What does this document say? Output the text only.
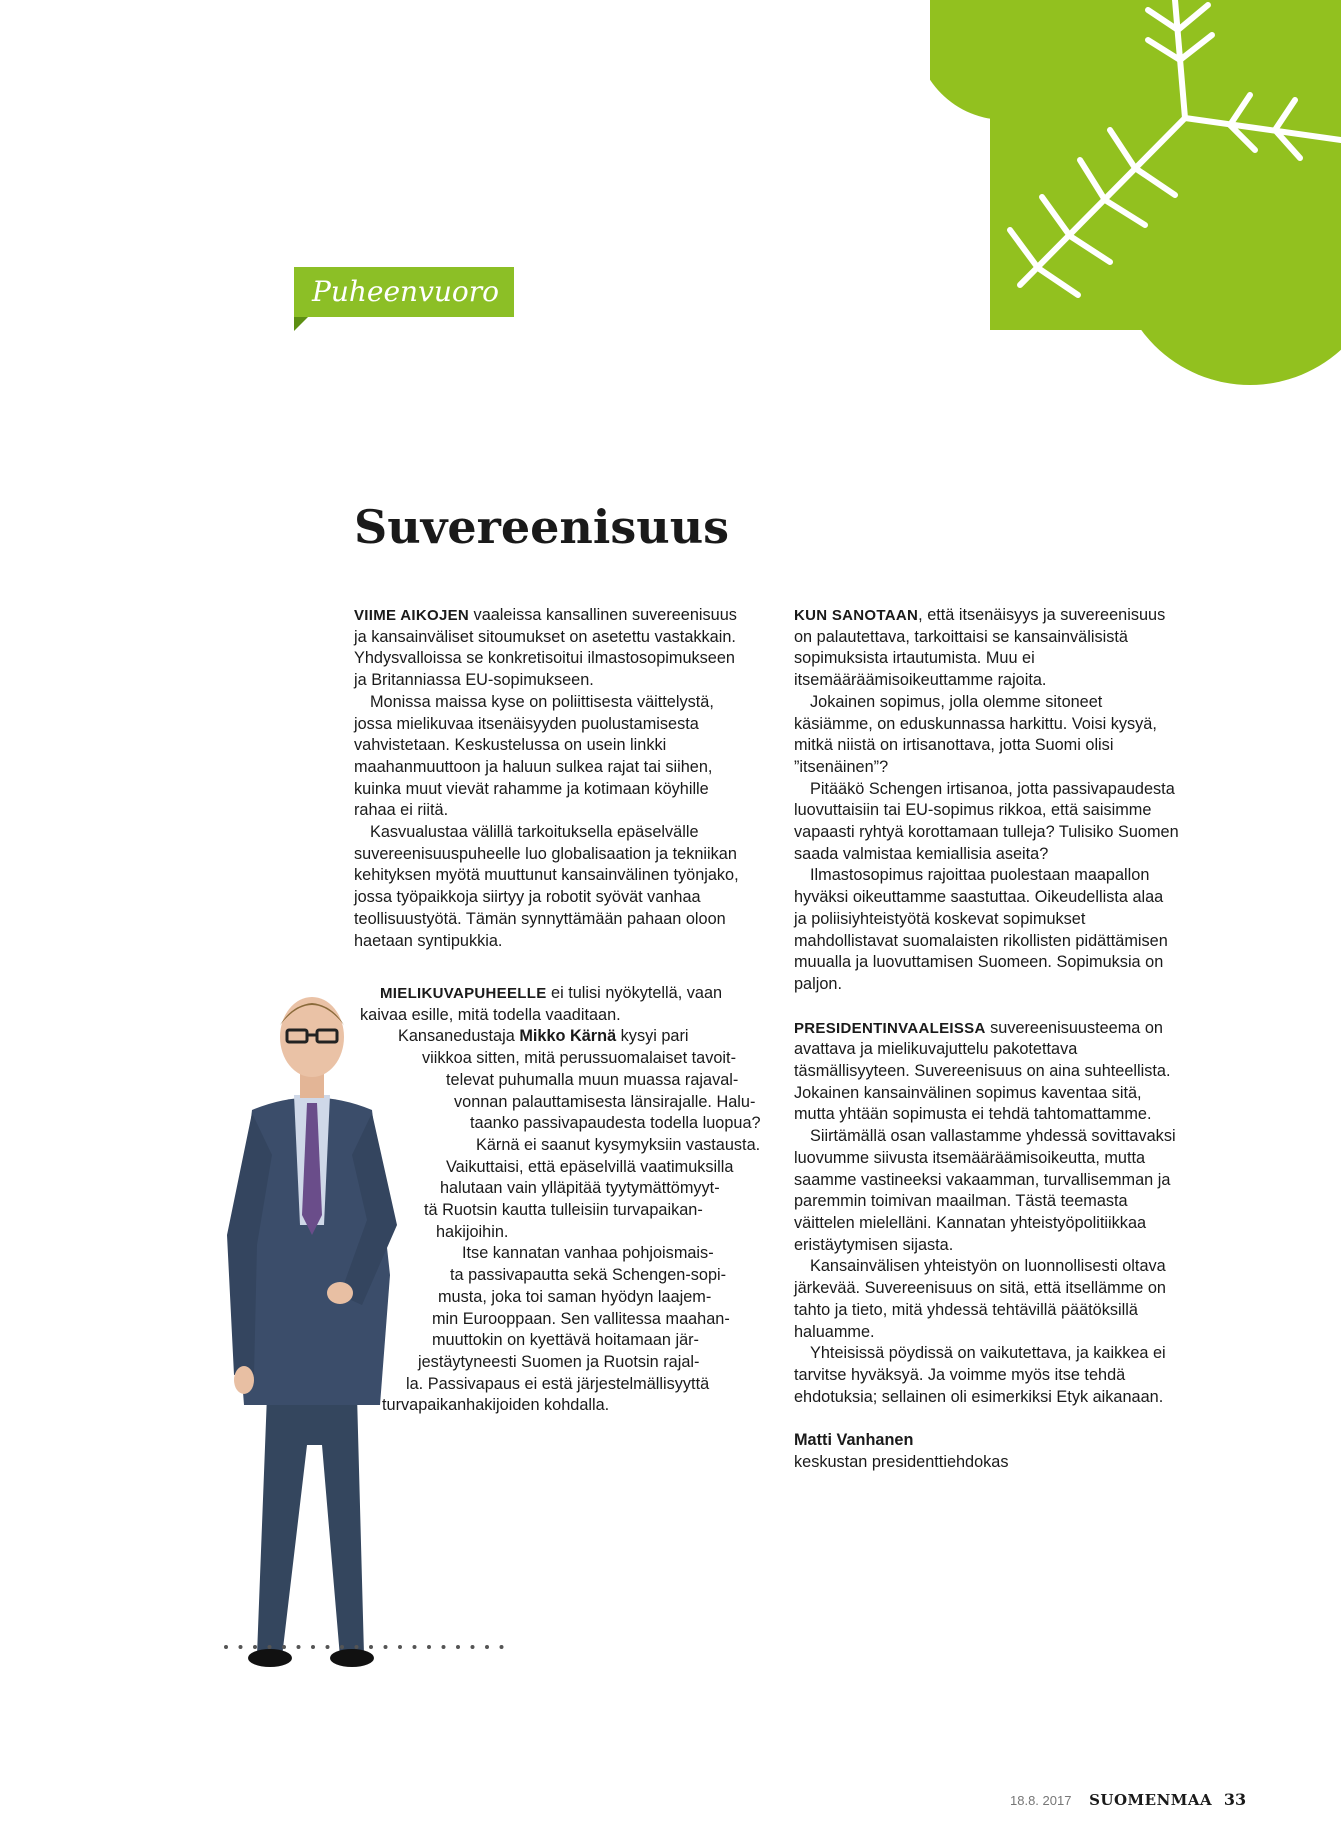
Puheenvuoro
Suvereenisuus

VIIME AIKOJEN vaaleissa kansallinen suvereenisuus ja kansainväliset sitoumukset on asetettu vastakkain. Yhdysvalloissa se konkretisoitui ilmastosopimukseen ja Britanniassa EU-sopimukseen.

Monissa maissa kyse on poliittisesta väittelystä, jossa mielikuvaa itsenäisyyden puolustamisesta vahvistetaan. Keskustelussa on usein linkki maahanmuuttoon ja haluun sulkea rajat tai siihen, kuinka muut vievät rahamme ja kotimaan köyhille rahaa ei riitä.

Kasvualustaa välillä tarkoituksella epäselvälle suvereenisuuspuheelle luo globalisaation ja tekniikan kehityksen myötä muuttunut kansainvälinen työnjako, jossa työpaikkoja siirtyy ja robotit syövät vanhaa teollisuustyötä. Tämän synnyttämään pahaan oloon haetaan syntipukkia.

MIELIKUVAPUHEELLE ei tulisi nyökytellä, vaan
kaivaa esille, mitä todella vaaditaan.
Kansanedustaja Mikko Kärnä kysyi pari
viikkoa sitten, mitä perussuomalaiset tavoit-
televat puhumalla muun muassa rajaval-
vonnan palauttamisesta länsirajalle. Halu-
taanko passivapaudesta todella luopua?
Kärnä ei saanut kysymyksiin vastausta.
Vaikuttaisi, että epäselvillä vaatimuksilla
halutaan vain ylläpitää tyytymättömyyt-
tä Ruotsin kautta tulleisiin turvapaikan-
hakijoihin.
Itse kannatan vanhaa pohjoismais-
ta passivapautta sekä Schengen-sopi-
musta, joka toi saman hyödyn laajem-
min Eurooppaan. Sen vallitessa maahan-
muuttokin on kyettävä hoitamaan jär-
jestäytyneesti Suomen ja Ruotsin rajal-
la. Passivapaus ei estä järjestelmällisyyttä
turvapaikanhakijoiden kohdalla.

KUN SANOTAAN, että itsenäisyys ja suvereenisuus on palautettava, tarkoittaisi se kansainvälisistä sopimuksista irtautumista. Muu ei itsemääräämisoikeuttamme rajoita.

Jokainen sopimus, jolla olemme sitoneet käsiämme, on eduskunnassa harkittu. Voisi kysyä, mitkä niistä on irtisanottava, jotta Suomi olisi ”itsenäinen”?

Pitääkö Schengen irtisanoa, jotta passivapaudesta luovuttaisiin tai EU-sopimus rikkoa, että saisimme vapaasti ryhtyä korottamaan tulleja? Tulisiko Suomen saada valmistaa kemiallisia aseita?

Ilmastosopimus rajoittaa puolestaan maapallon hyväksi oikeuttamme saastuttaa. Oikeudellista alaa ja poliisiyhteistyötä koskevat sopimukset mahdollistavat suomalaisten rikollisten pidättämisen muualla ja luovuttamisen Suomeen. Sopimuksia on paljon.

PRESIDENTINVAALEISSA suvereenisuusteema on avattava ja mielikuvajuttelu pakotettava täsmällisyyteen. Suvereenisuus on aina suhteellista. Jokainen kansainvälinen sopimus kaventaa sitä, mutta yhtään sopimusta ei tehdä tahtomattamme.

Siirtämällä osan vallastamme yhdessä sovittavaksi luovumme siivusta itsemääräämisoikeutta, mutta saamme vastineeksi vakaamman, turvallisemman ja paremmin toimivan maailman. Tästä teemasta väittelen mielelläni. Kannatan yhteistyöpolitiikkaa eristäytymisen sijasta.

Kansainvälisen yhteistyön on luonnollisesti oltava järkevää. Suvereenisuus on sitä, että itsellämme on tahto ja tieto, mitä yhdessä tehtävillä päätöksillä haluamme.

Yhteisissä pöydissä on vaikutettava, ja kaikkea ei tarvitse hyväksyä. Ja voimme myös itse tehdä ehdotuksia; sellainen oli esimerkiksi Etyk aikanaan.

Matti Vanhanen
keskustan presidenttiehdokas
18.8. 2017 SUOMENMAA 33
